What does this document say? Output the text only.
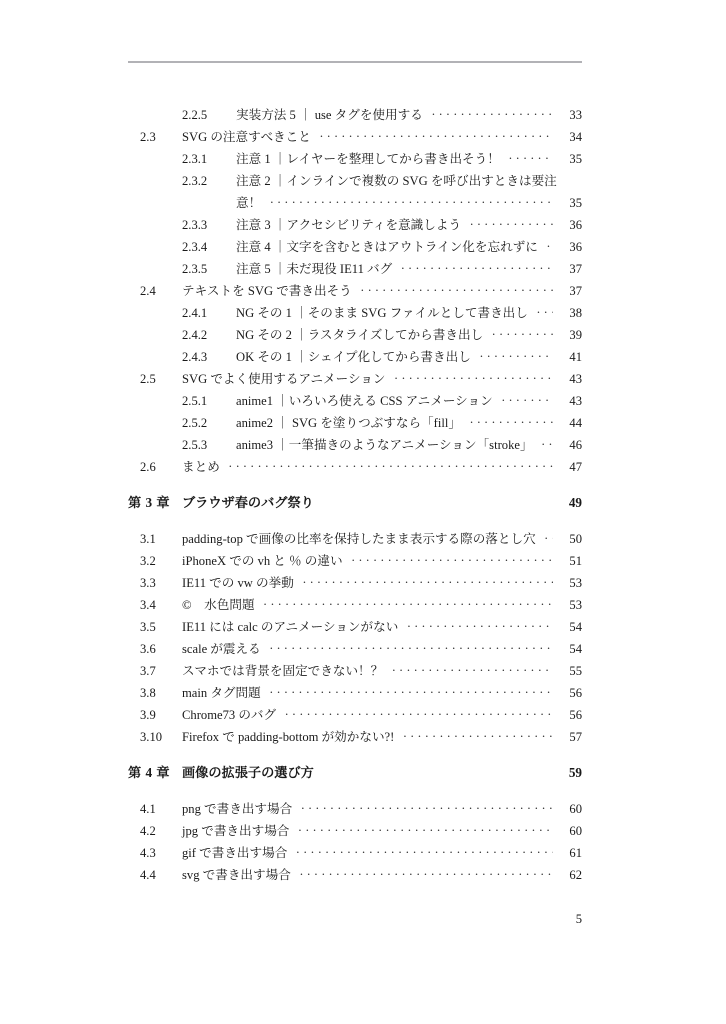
2.2.5	実装方法 5 ｜ use タグを使用する . . .	33
2.3	SVG の注意すべきこと . . .	34
2.3.1	注意 1 ｜レイヤーを整理してから書き出そう！ . . .	35
2.3.2	注意 2 ｜インラインで複数の SVG を呼び出すときは要注
意！ . . .	35
2.3.3	注意 3 ｜アクセシビリティを意識しよう . . .	36
2.3.4	注意 4 ｜文字を含むときはアウトライン化を忘れずに . . .	36
2.3.5	注意 5 ｜未だ現役 IE11 バグ . . .	37
2.4	テキストを SVG で書き出そう . . .	37
2.4.1	NG その 1 ｜そのまま SVG ファイルとして書き出し . . .	38
2.4.2	NG その 2 ｜ラスタライズしてから書き出し . . .	39
2.4.3	OK その 1 ｜シェイプ化してから書き出し . . .	41
2.5	SVG でよく使用するアニメーション . . .	43
2.5.1	anime1 ｜いろいろ使える CSS アニメーション . . .	43
2.5.2	anime2 ｜ SVG を塗りつぶすなら「fill」 . . .	44
2.5.3	anime3 ｜一筆描きのようなアニメーション「stroke」 . . .	46
2.6	まとめ . . .	47
第 3 章 ブラウザ春のバグ祭り	49
3.1	padding-top で画像の比率を保持したまま表示する際の落とし穴 . . .	50
3.2	iPhoneX での vh と ％ の違い . . .	51
3.3	IE11 での vw の挙動 . . .	53
3.4	©　水色問題 . . .	53
3.5	IE11 には calc のアニメーションがない . . .	54
3.6	scale が震える . . .	54
3.7	スマホでは背景を固定できない！？ . . .	55
3.8	main タグ問題 . . .	56
3.9	Chrome73 のバグ . . .	56
3.10	Firefox で padding-bottom が効かない?! . . .	57
第 4 章 画像の拡張子の選び方	59
4.1	png で書き出す場合 . . .	60
4.2	jpg で書き出す場合 . . .	60
4.3	gif で書き出す場合 . . .	61
4.4	svg で書き出す場合 . . .	62
5
